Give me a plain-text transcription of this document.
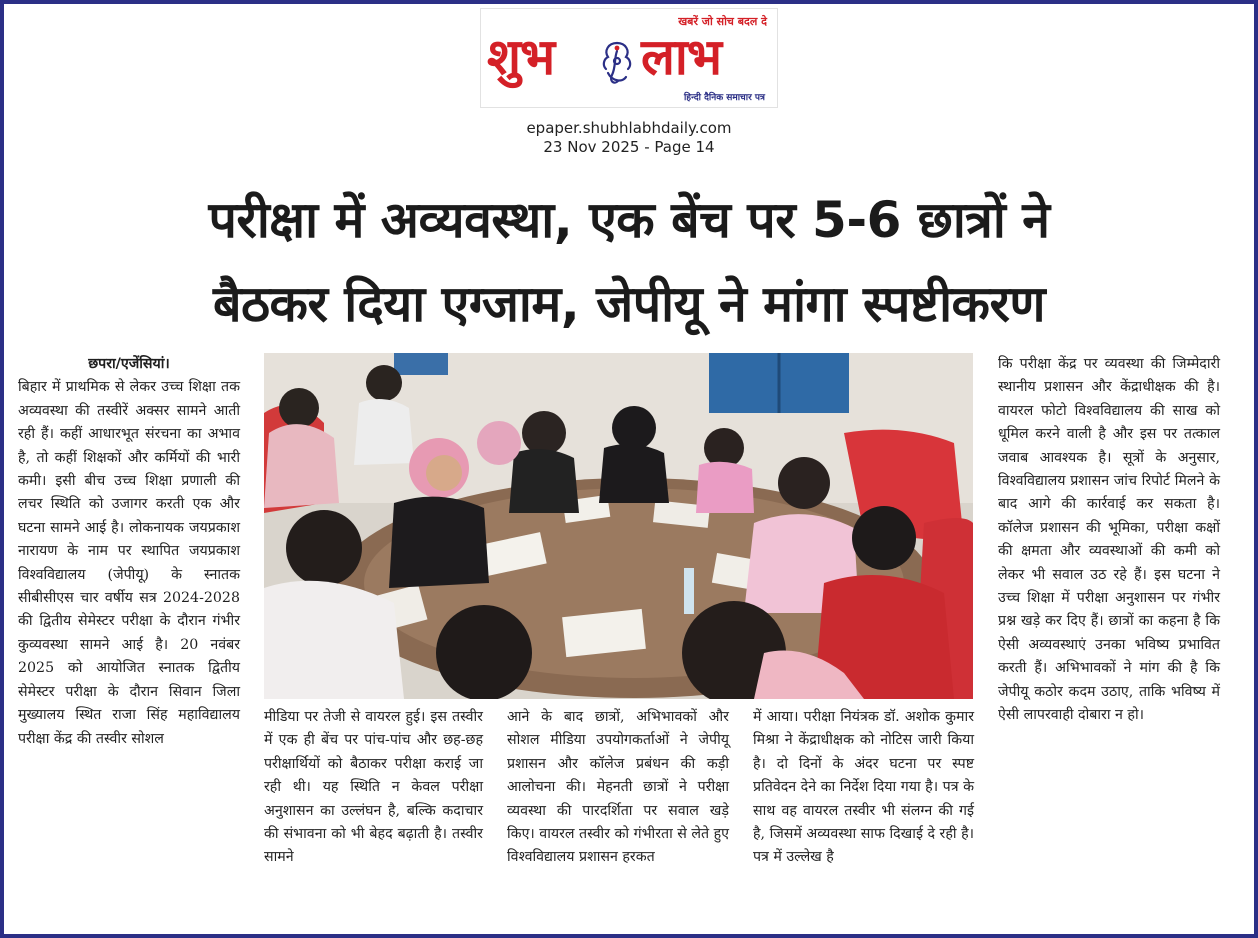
खबरें जो सोच बदल दे
शुभ लाभ
हिन्दी दैनिक समाचार पत्र
epaper.shubhlabhdaily.com
23 Nov 2025 - Page 14
परीक्षा में अव्यवस्था, एक बेंच पर 5-6 छात्रों ने
बैठकर दिया एग्जाम, जेपीयू ने मांगा स्पष्टीकरण

छपरा/एजेंसियां।

बिहार में प्राथमिक से लेकर उच्च शिक्षा तक अव्यवस्था की तस्वीरें अक्सर सामने आती रही हैं। कहीं आधारभूत संरचना का अभाव है, तो कहीं शिक्षकों और कर्मियों की भारी कमी। इसी बीच उच्च शिक्षा प्रणाली की लचर स्थिति को उजागर करती एक और घटना सामने आई है। लोकनायक जयप्रकाश नारायण के नाम पर स्थापित जयप्रकाश विश्वविद्यालय (जेपीयू) के स्नातक सीबीसीएस चार वर्षीय सत्र 2024-2028 की द्वितीय सेमेस्टर परीक्षा के दौरान गंभीर कुव्यवस्था सामने आई है। 20 नवंबर 2025 को आयोजित स्नातक द्वितीय सेमेस्टर परीक्षा के दौरान सिवान जिला मुख्यालय स्थित राजा सिंह महाविद्यालय परीक्षा केंद्र की तस्वीर सोशल

मीडिया पर तेजी से वायरल हुई। इस तस्वीर में एक ही बेंच पर पांच-पांच और छह-छह परीक्षार्थियों को बैठाकर परीक्षा कराई जा रही थी। यह स्थिति न केवल परीक्षा अनुशासन का उल्लंघन है, बल्कि कदाचार की संभावना को भी बेहद बढ़ाती है। तस्वीर सामने

आने के बाद छात्रों, अभिभावकों और सोशल मीडिया उपयोगकर्ताओं ने जेपीयू प्रशासन और कॉलेज प्रबंधन की कड़ी आलोचना की। मेहनती छात्रों ने परीक्षा व्यवस्था की पारदर्शिता पर सवाल खड़े किए। वायरल तस्वीर को गंभीरता से लेते हुए विश्वविद्यालय प्रशासन हरकत

में आया। परीक्षा नियंत्रक डॉ. अशोक कुमार मिश्रा ने केंद्राधीक्षक को नोटिस जारी किया है। दो दिनों के अंदर घटना पर स्पष्ट प्रतिवेदन देने का निर्देश दिया गया है। पत्र के साथ वह वायरल तस्वीर भी संलग्न की गई है, जिसमें अव्यवस्था साफ दिखाई दे रही है। पत्र में उल्लेख है

कि परीक्षा केंद्र पर व्यवस्था की जिम्मेदारी स्थानीय प्रशासन और केंद्राधीक्षक की है। वायरल फोटो विश्वविद्यालय की साख को धूमिल करने वाली है और इस पर तत्काल जवाब आवश्यक है। सूत्रों के अनुसार, विश्वविद्यालय प्रशासन जांच रिपोर्ट मिलने के बाद आगे की कार्रवाई कर सकता है। कॉलेज प्रशासन की भूमिका, परीक्षा कक्षों की क्षमता और व्यवस्थाओं की कमी को लेकर भी सवाल उठ रहे हैं। इस घटना ने उच्च शिक्षा में परीक्षा अनुशासन पर गंभीर प्रश्न खड़े कर दिए हैं। छात्रों का कहना है कि ऐसी अव्यवस्थाएं उनका भविष्य प्रभावित करती हैं। अभिभावकों ने मांग की है कि जेपीयू कठोर कदम उठाए, ताकि भविष्य में ऐसी लापरवाही दोबारा न हो।
